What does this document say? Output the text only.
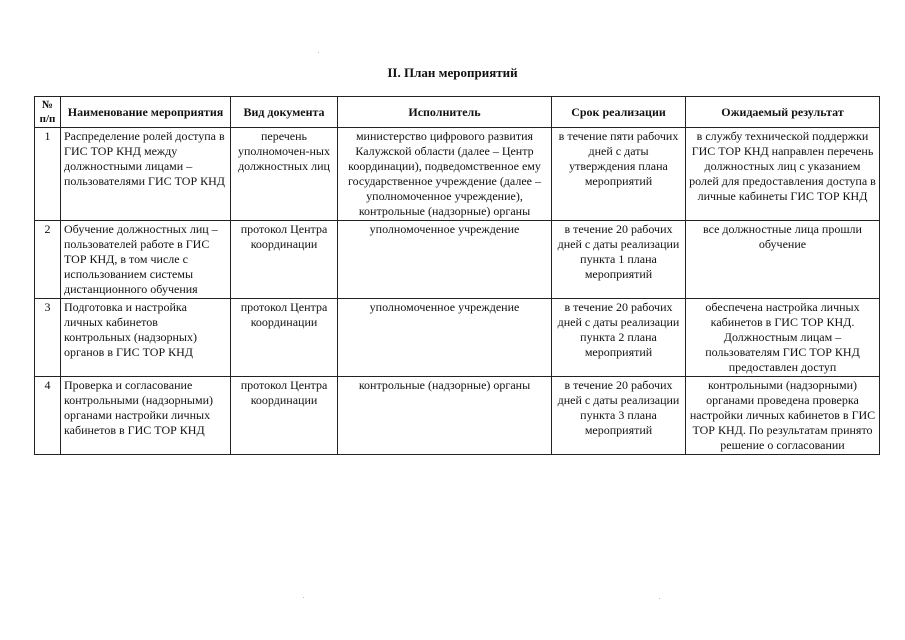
II. План мероприятий
№ п/п	Наименование мероприятия	Вид документа	Исполнитель	Срок реализации	Ожидаемый результат
1	Распределение ролей доступа в ГИС ТОР КНД между должностными лицами – пользователями ГИС ТОР КНД	перечень уполномочен-ных должностных лиц	министерство цифрового развития Калужской области (далее – Центр координации), подведомственное ему государственное учреждение (далее – уполномоченное учреждение), контрольные (надзорные) органы	в течение пяти рабочих дней с даты утверждения плана мероприятий	в службу технической поддержки ГИС ТОР КНД направлен перечень должностных лиц с указанием ролей для предоставления доступа в личные кабинеты ГИС ТОР КНД
2	Обучение должностных лиц – пользователей работе в ГИС ТОР КНД, в том числе с использованием системы дистанционного обучения	протокол Центра координации	уполномоченное учреждение	в течение 20 рабочих дней с даты реализации пункта 1 плана мероприятий	все должностные лица прошли обучение
3	Подготовка и настройка личных кабинетов контрольных (надзорных) органов в ГИС ТОР КНД	протокол Центра координации	уполномоченное учреждение	в течение 20 рабочих дней с даты реализации пункта 2 плана мероприятий	обеспечена настройка личных кабинетов в ГИС ТОР КНД. Должностным лицам – пользователям ГИС ТОР КНД предоставлен доступ
4	Проверка и согласование контрольными (надзорными) органами настройки личных кабинетов в ГИС ТОР КНД	протокол Центра координации	контрольные (надзорные) органы	в течение 20 рабочих дней с даты реализации пункта 3 плана мероприятий	контрольными (надзорными) органами проведена проверка настройки личных кабинетов в ГИС ТОР КНД. По результатам принято решение о согласовании
